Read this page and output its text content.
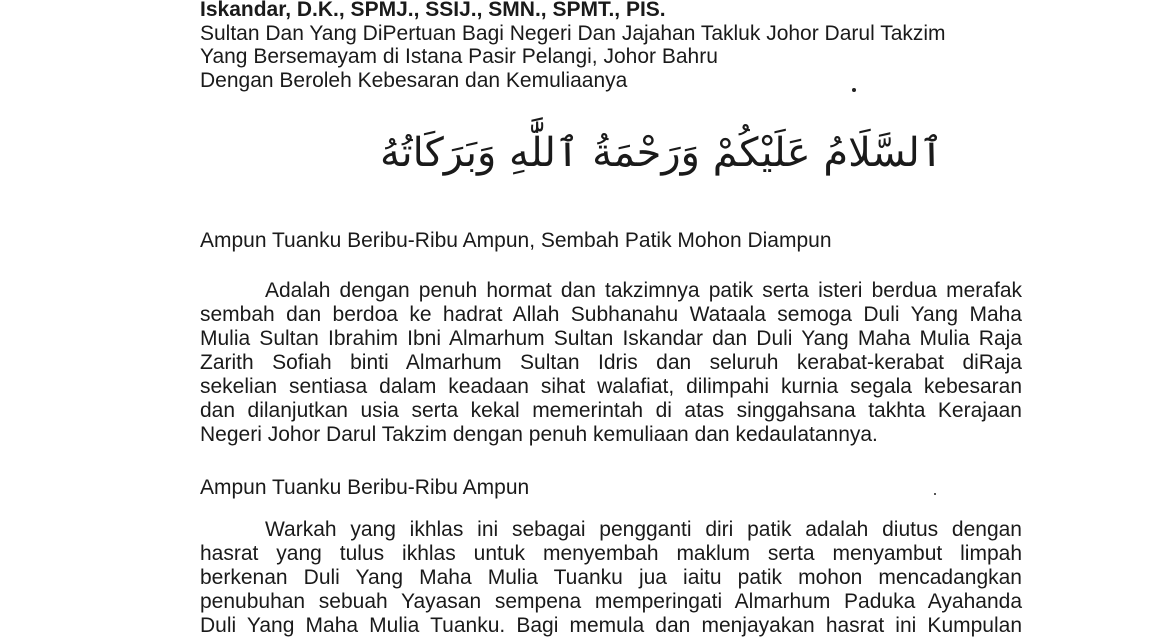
Iskandar, D.K., SPMJ., SSIJ., SMN., SPMT., PIS.
Sultan Dan Yang DiPertuan Bagi Negeri Dan Jajahan Takluk Johor Darul Takzim
Yang Bersemayam di Istana Pasir Pelangi, Johor Bahru
Dengan Beroleh Kebesaran dan Kemuliaanya
ٱلسَّلَامُ عَلَيْكُمْ وَرَحْمَةُ ٱللَّٰهِ وَبَرَكَاتُهُ
Ampun Tuanku Beribu-Ribu Ampun, Sembah Patik Mohon Diampun
Adalah dengan penuh hormat dan takzimnya patik serta isteri berdua merafak
sembah dan berdoa ke hadrat Allah Subhanahu Wataala semoga Duli Yang Maha
Mulia Sultan Ibrahim Ibni Almarhum Sultan Iskandar dan Duli Yang Maha Mulia Raja
Zarith Sofiah binti Almarhum Sultan Idris dan seluruh kerabat-kerabat diRaja
sekelian sentiasa dalam keadaan sihat walafiat, dilimpahi kurnia segala kebesaran
dan dilanjutkan usia serta kekal memerintah di atas singgahsana takhta Kerajaan
Negeri Johor Darul Takzim dengan penuh kemuliaan dan kedaulatannya.
Ampun Tuanku Beribu-Ribu Ampun
Warkah yang ikhlas ini sebagai pengganti diri patik adalah diutus dengan
hasrat yang tulus ikhlas untuk menyembah maklum serta menyambut limpah
berkenan Duli Yang Maha Mulia Tuanku jua iaitu patik mohon mencadangkan
penubuhan sebuah Yayasan sempena memperingati Almarhum Paduka Ayahanda
Duli Yang Maha Mulia Tuanku. Bagi memula dan menjayakan hasrat ini Kumpulan
